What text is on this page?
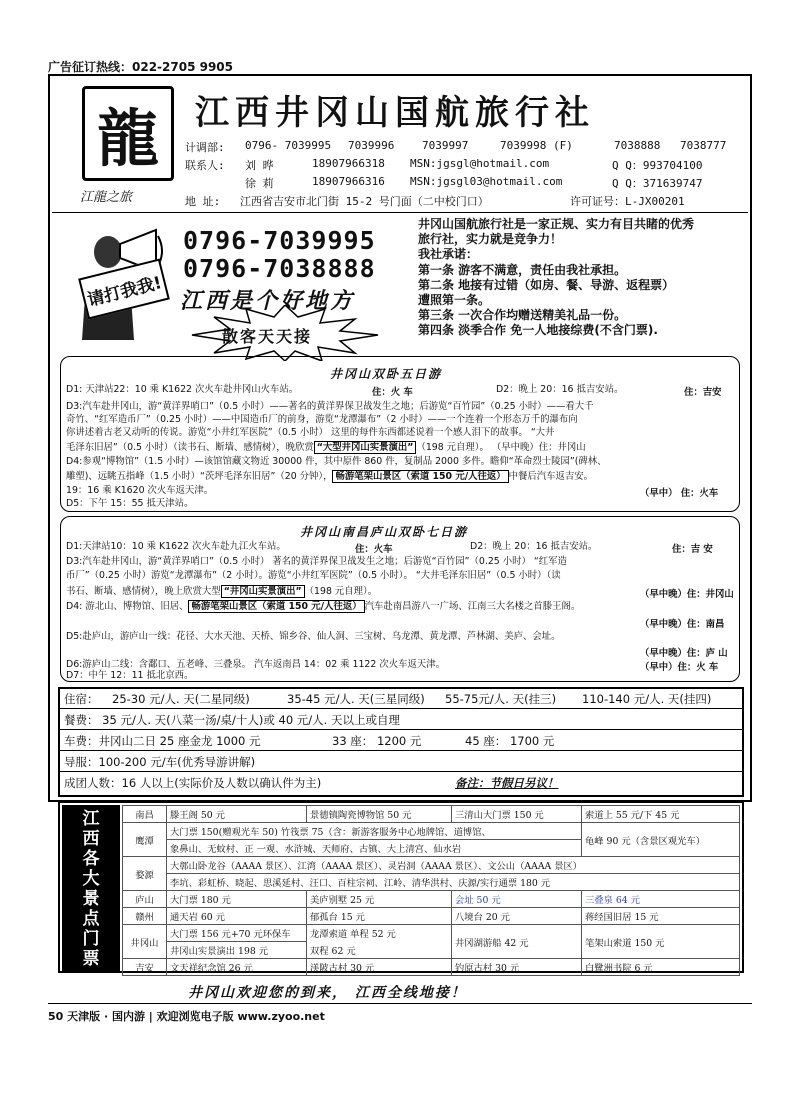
广告征订热线：022-2705 9905
龍
江龍之旅
江西井冈山国航旅行社
计调部: 0796- 7039995 7039996	7039997	7039998 (F)	7038888 7038777
联系人: 刘 晔	18907966318 MSN:jgsgl@hotmail.com	Q Q：993704100
徐 莉	18907966316 MSN:jgsgl03@hotmail.com	Q Q：371639747
地 址: 江西省吉安市北门街 15-2 号门面（二中校门口）	许可证号：L-JX00201
请打我我!
0796-7039995
0796-7038888
江西是个好地方
散客天天接
井冈山国航旅行社是一家正规、实力有目共睹的优秀
旅行社，实力就是竞争力！
我社承诺：
第一条 游客不满意，责任由我社承担。
第二条 地接有过错（如房、餐、导游、返程票）
遭照第一条。
第三条 一次合作均赠送精美礼品一份。
第四条 淡季合作 免一人地接综费(不含门票).
井冈山双卧五日游
D1: 天津站22：10 乘 K1622 次火车赴井冈山火车站。	住：火 车	D2：晚上 20：16 抵吉安站。	住：吉安
D3:汽车赴井冈山，游“黄洋界哨口”（0.5 小时）——著名的黄洋界保卫战发生之地；后游览“百竹园”（0.25 小时）——看大千
奇竹、“红军造币厂”（0.25 小时）——中国造币厂的前身，游览“龙潭瀑布”（2 小时）——一个连着一个形态万千的瀑布向
你讲述着古老又动听的传说。游览“小井红军医院”（0.5 小时） 这里的每件东西都述说着一个感人泪下的故事。 “大井
毛泽东旧居”（0.5 小时）（读书石、断墙、感情树），晚欣赏 “大型井冈山实景演出” （198 元自理）。 （早中晚）住：井冈山
D4:参观“博物馆”（1.5 小时）—该馆馆藏文物近 30000 件，其中原件 860 件，复制品 2000 多件。瞻仰“革命烈士陵园”(碑林、
雕塑)、远眺五指峰（1.5 小时）“茨坪毛泽东旧居”（20 分钟）， 畅游笔架山景区（索道 150 元/人往返） 中餐后汽车返吉安。
19：16 乘 K1620 次火车返天津。	（早中） 住：火车
D5：下午 15：55 抵天津站。
井冈山南昌庐山双卧七日游
D1:天津站10：10 乘 K1622 次火车赴九江火车站。	住：火车	D2：晚上 20：16 抵吉安站。	住：吉 安
D3:汽车赴井冈山，游“黄洋界哨口”（0.5 小时） 著名的黄洋界保卫战发生之地；后游览“百竹园”（0.25 小时） “红军造
币厂”（0.25 小时）游览“龙潭瀑布”（2 小时）。游览“小井红军医院”（0.5 小时）。 “大井毛泽东旧居”（0.5 小时）（读
书石、断墙、感情树），晚上欣赏大型 “井冈山实景演出” （198 元自理）。	（早中晚）住：井冈山
D4: 游北山、博物馆、旧居、 畅游笔架山景区（索道 150 元/人往返） 汽车赴南昌游八一广场、江南三大名楼之首滕王阁。
（早中晚）住：南昌
D5:赴庐山，游庐山一线：花径、大水天池、天桥、锦乡谷、仙人洞、三宝树、乌龙潭、黄龙潭、芦林湖、美庐、会址。
（早中晚）住：庐 山
D6:游庐山二线：含鄱口、五老峰、三叠泉。 汽车返南昌 14：02 乘 1122 次火车返天津。	（早中）住：火 车
D7：中午 12：11 抵北京西。
住宿： 25-30 元/人. 天(二星同级)	35-45 元/人. 天(三星同级) 55-75元/人. 天(挂三) 110-140 元/人. 天(挂四)
餐费： 35 元/人. 天(八菜一汤/桌/十人)或 40 元/人. 天以上或自理
车费：井冈山二日 25 座金龙 1000 元	33 座： 1200 元	45 座： 1700 元
导服：100-200 元/车(优秀导游讲解)
成团人数：16 人以上(实际价及人数以确认件为主)	备注：节假日另议！
江
西
各
大
景
点
门
票
南昌	滕王阁 50 元	景德镇陶瓷博物馆 50 元	三清山大门票 150 元	索道上 55 元/下 45 元
鹰潭	大门票 150(赠观光车 50) 竹筏票 75（含：新游客服务中心地牌馆、道博馆、			龟峰 90 元（含景区观光车）
	象鼻山、无蚊村、正 一观、水浒城、天师府、古镇、大上清宫、仙水岩			
婺源	大鄣山卧龙谷（AAAA 景区）、江湾（AAAA 景区）、灵岩洞（AAAA 景区）、文公山（AAAA 景区）			
	李坑、彩虹桥、晓起、思溪延村、汪口、百柱宗祠、江岭、清华洪村、庆源/实行通票 180 元			
庐山	大门票 180 元	美庐别墅 25 元	会址 50 元	三叠泉 64 元
赣州	通天岩 60 元	郁孤台 15 元	八境台 20 元	蒋经国旧居 15 元
井冈山	大门票 156 元+70 元环保车	龙潭索道 单程 52 元	井冈湖游船 42 元	笔架山索道 150 元
	井冈山实景演出 198 元	双程 62 元		
吉安	文天祥纪念馆 26 元	渼陂古村 30 元	钓原古村 30 元	白鹭洲书院 6 元
井冈山欢迎您的到来， 江西全线地接！
50 天津版 · 国内游 | 欢迎浏览电子版 www.zyoo.net
